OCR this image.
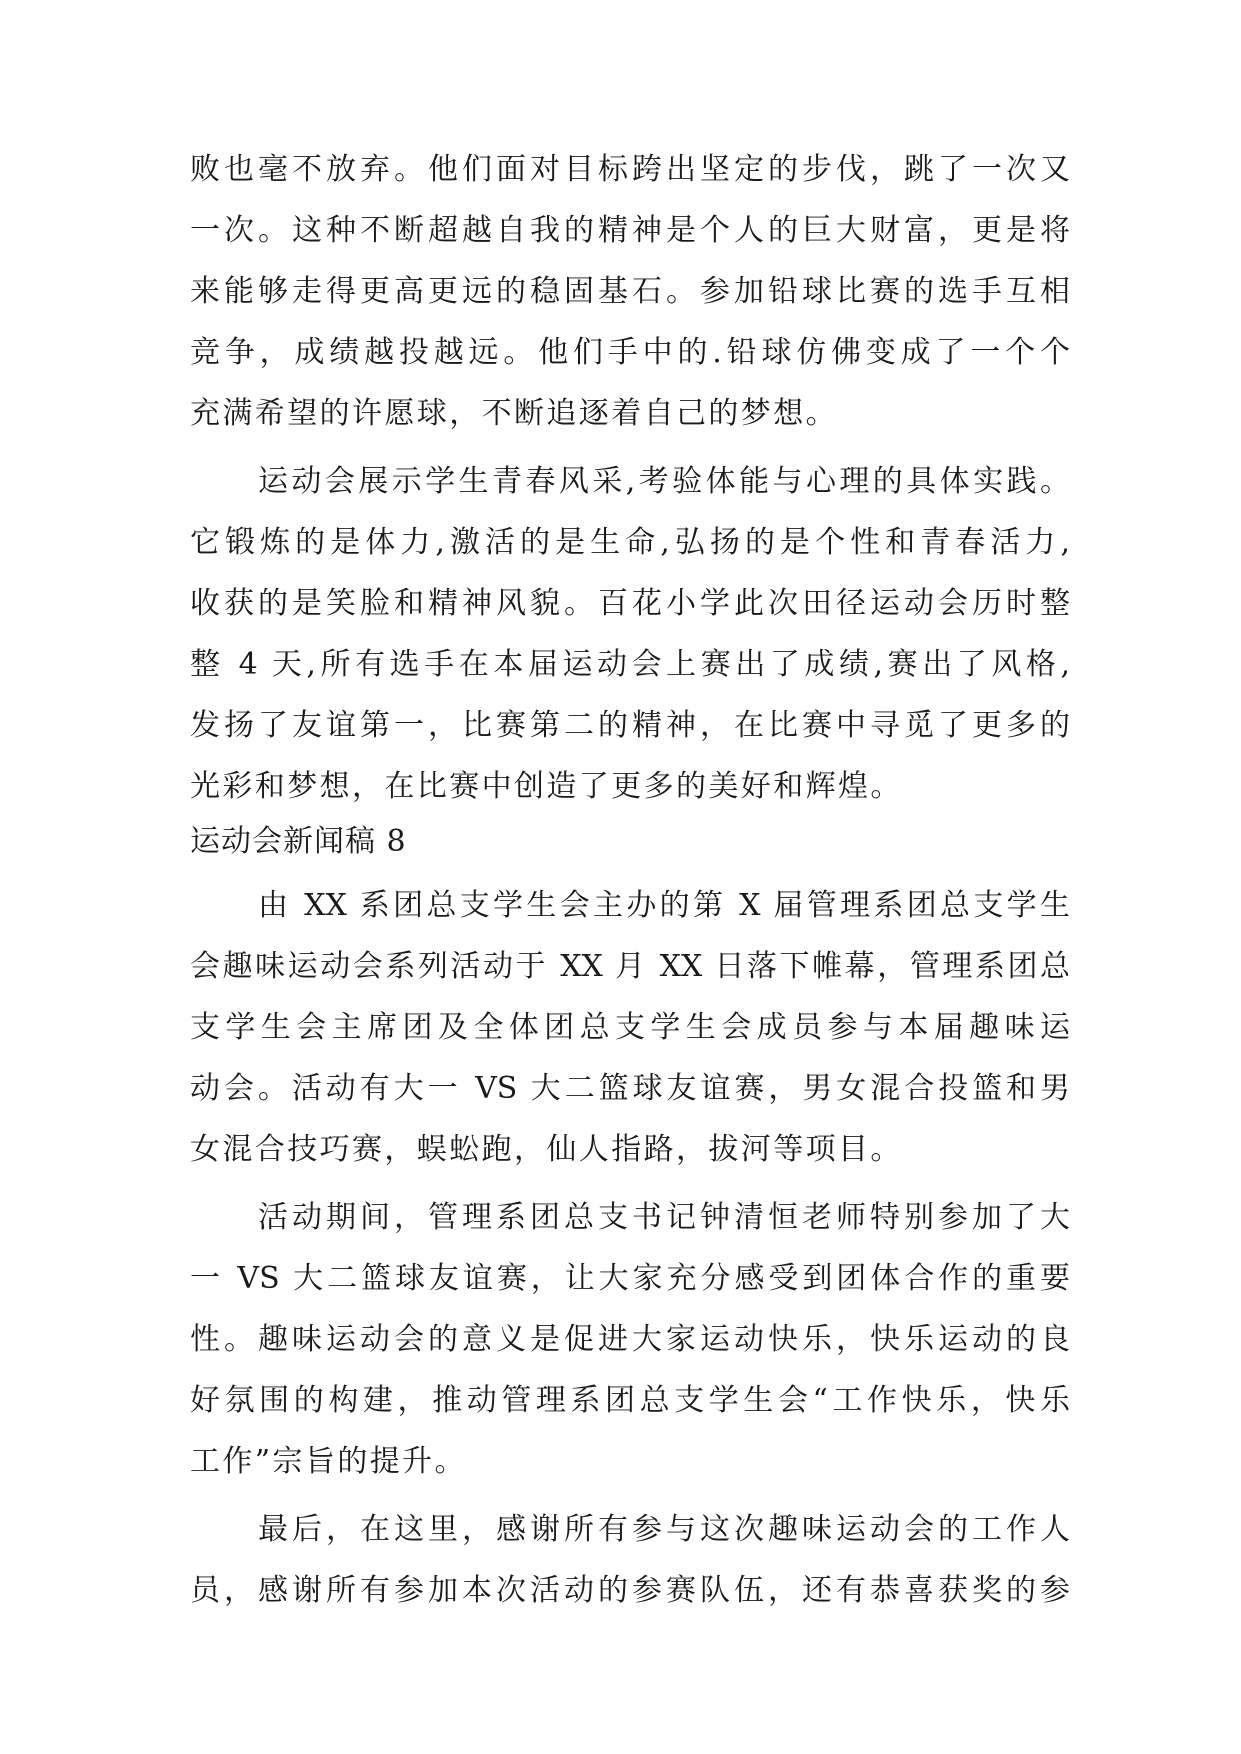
败也毫不放弃。他们面对目标跨出坚定的步伐，跳了一次又
一次。这种不断超越自我的精神是个人的巨大财富，更是将
来能够走得更高更远的稳固基石。参加铅球比赛的选手互相
竞争，成绩越投越远。他们手中的.铅球仿佛变成了一个个
充满希望的许愿球，不断追逐着自己的梦想。
运动会展示学生青春风采,考验体能与心理的具体实践。
它锻炼的是体力,激活的是生命,弘扬的是个性和青春活力,
收获的是笑脸和精神风貌。百花小学此次田径运动会历时整
整 4 天,所有选手在本届运动会上赛出了成绩,赛出了风格,
发扬了友谊第一，比赛第二的精神，在比赛中寻觅了更多的
光彩和梦想，在比赛中创造了更多的美好和辉煌。
运动会新闻稿 8
由 XX 系团总支学生会主办的第 X 届管理系团总支学生
会趣味运动会系列活动于 XX 月 XX 日落下帷幕，管理系团总
支学生会主席团及全体团总支学生会成员参与本届趣味运
动会。活动有大一 VS 大二篮球友谊赛，男女混合投篮和男
女混合技巧赛，蜈蚣跑，仙人指路，拔河等项目。
活动期间，管理系团总支书记钟清恒老师特别参加了大
一 VS 大二篮球友谊赛，让大家充分感受到团体合作的重要
性。趣味运动会的意义是促进大家运动快乐，快乐运动的良
好氛围的构建，推动管理系团总支学生会“工作快乐，快乐
工作”宗旨的提升。
最后，在这里，感谢所有参与这次趣味运动会的工作人
员，感谢所有参加本次活动的参赛队伍，还有恭喜获奖的参
